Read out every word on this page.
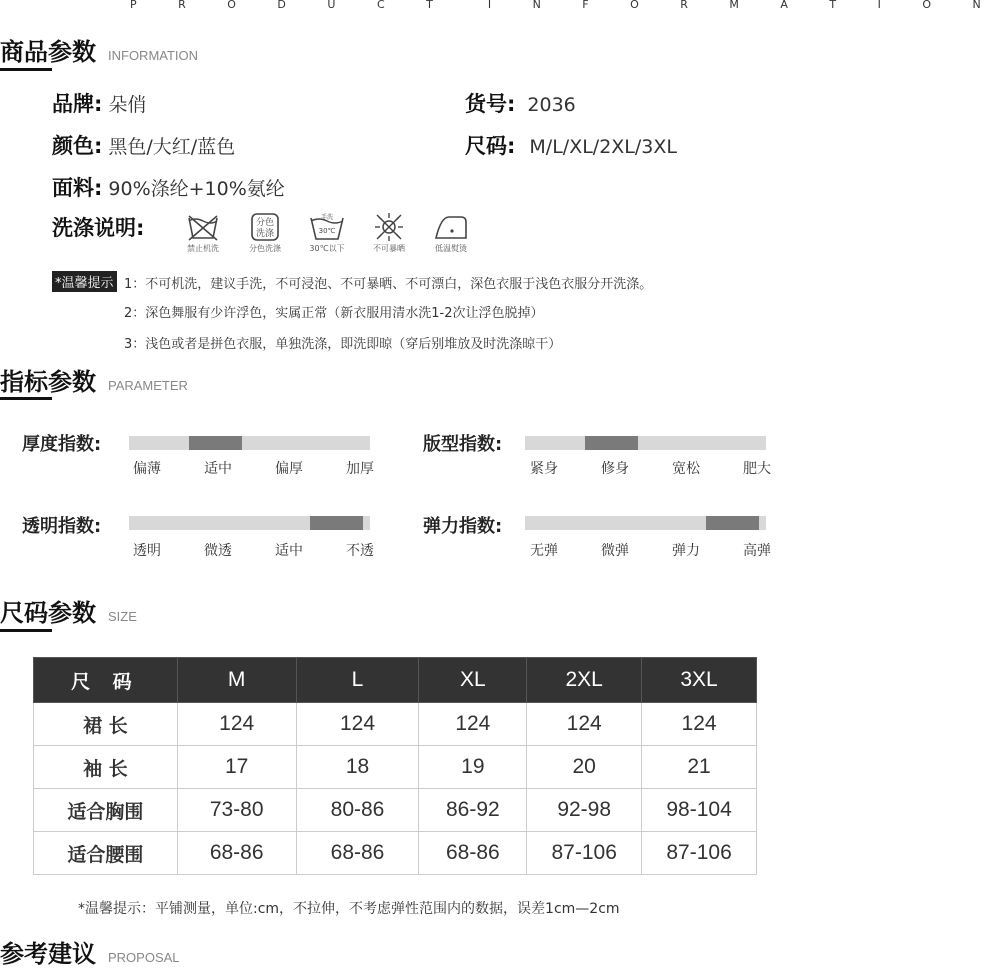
P R O D U C T	I N F O R M A T I O N
商品参数 INFORMATION
品牌: 朵俏	货号: 2036
颜色: 黑色/大红/蓝色	尺码: M/L/XL/2XL/3XL
面料: 90%涤纶+10%氨纶
洗涤说明:
禁止机洗
分色
洗涤
分色洗涤
手洗
30℃
30℃以下	不可暴晒	低温熨烫
*温馨提示 1：不可机洗，建议手洗，不可浸泡、不可暴晒、不可漂白，深色衣服于浅色衣服分开洗涤。
2：深色舞服有少许浮色，实属正常（新衣服用清水洗1-2次让浮色脱掉）
3：浅色或者是拼色衣服，单独洗涤，即洗即晾（穿后别堆放及时洗涤晾干）
指标参数 PARAMETER
厚度指数:
偏薄	适中	偏厚	加厚
版型指数:
紧身	修身	宽松	肥大
透明指数:
透明	微透	适中	不透
弹力指数:
无弹	微弹	弹力	高弹
尺码参数 SIZE
尺 码	M	L	XL	2XL	3XL
裙 长	124	124	124	124	124
袖 长	17	18	19	20	21
适合胸围	73-80	80-86	86-92	92-98	98-104
适合腰围	68-86	68-86	68-86	87-106	87-106
*温馨提示：平铺测量，单位:cm，不拉伸，不考虑弹性范围内的数据，误差1cm—2cm
参考建议 PROPOSAL
